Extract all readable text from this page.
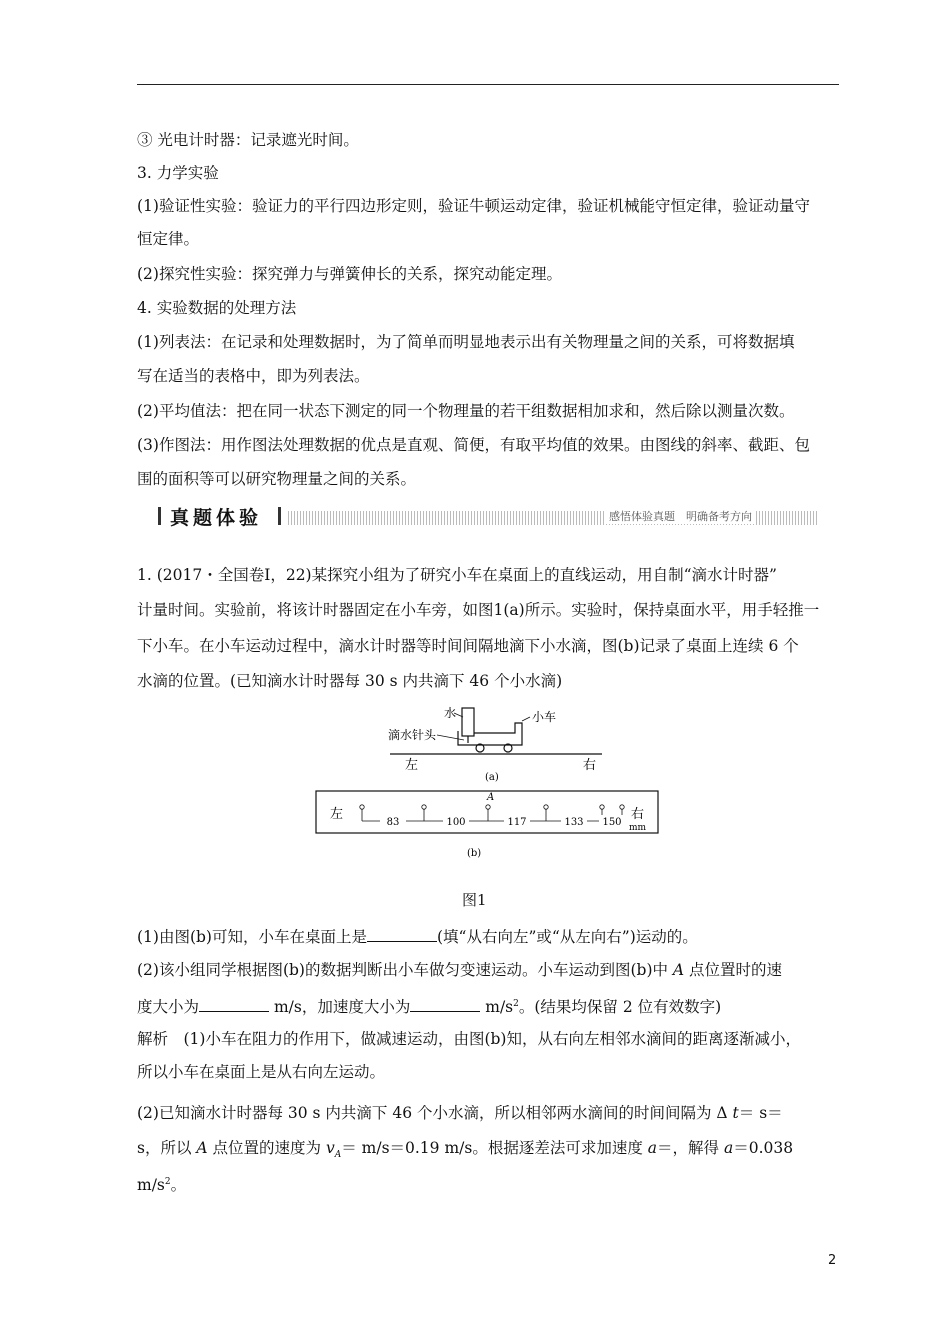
③ 光电计时器：记录遮光时间。
3. 力学实验
(1)验证性实验：验证力的平行四边形定则，验证牛顿运动定律，验证机械能守恒定律，验证动量守
恒定律。
(2)探究性实验：探究弹力与弹簧伸长的关系，探究动能定理。
4. 实验数据的处理方法
(1)列表法：在记录和处理数据时，为了简单而明显地表示出有关物理量之间的关系，可将数据填
写在适当的表格中，即为列表法。
(2)平均值法：把在同一状态下测定的同一个物理量的若干组数据相加求和，然后除以测量次数。
(3)作图法：用作图法处理数据的优点是直观、简便，有取平均值的效果。由图线的斜率、截距、包
围的面积等可以研究物理量之间的关系。
真题体验	感悟体验真题　明确备考方向
1. (2017・全国卷Ⅰ，22)某探究小组为了研究小车在桌面上的直线运动，用自制“滴水计时器”
计量时间。实验前，将该计时器固定在小车旁，如图1(a)所示。实验时，保持桌面水平，用手轻推一
下小车。在小车运动过程中，滴水计时器等时间间隔地滴下小水滴，图(b)记录了桌面上连续 6 个
水滴的位置。(已知滴水计时器每 30 s 内共滴下 46 个小水滴)
水	小车
滴水针头
左	右
(a)
83	100	117	133 150
左	右
mm
A
(b)
图1
(1)由图(b)可知，小车在桌面上是	(填“从右向左”或“从左向右”)运动的。
(2)该小组同学根据图(b)的数据判断出小车做匀变速运动。小车运动到图(b)中 A 点位置时的速
度大小为	m/s，加速度大小为	$m/s^2$。(结果均保留 2 位有效数字)
解析　(1)小车在阻力的作用下，做减速运动，由图(b)知，从右向左相邻水滴间的距离逐渐减小，
所以小车在桌面上是从右向左运动。
(2)已知滴水计时器每 30 s 内共滴下 46 个小水滴，所以相邻两水滴间的时间间隔为 Δ t＝ s＝
s，所以 A 点位置的速度为 $v_A= m/s=0.19$ m/s。根据逐差法可求加速度 a＝，解得 a＝0.038
$m/s^2$。
2
